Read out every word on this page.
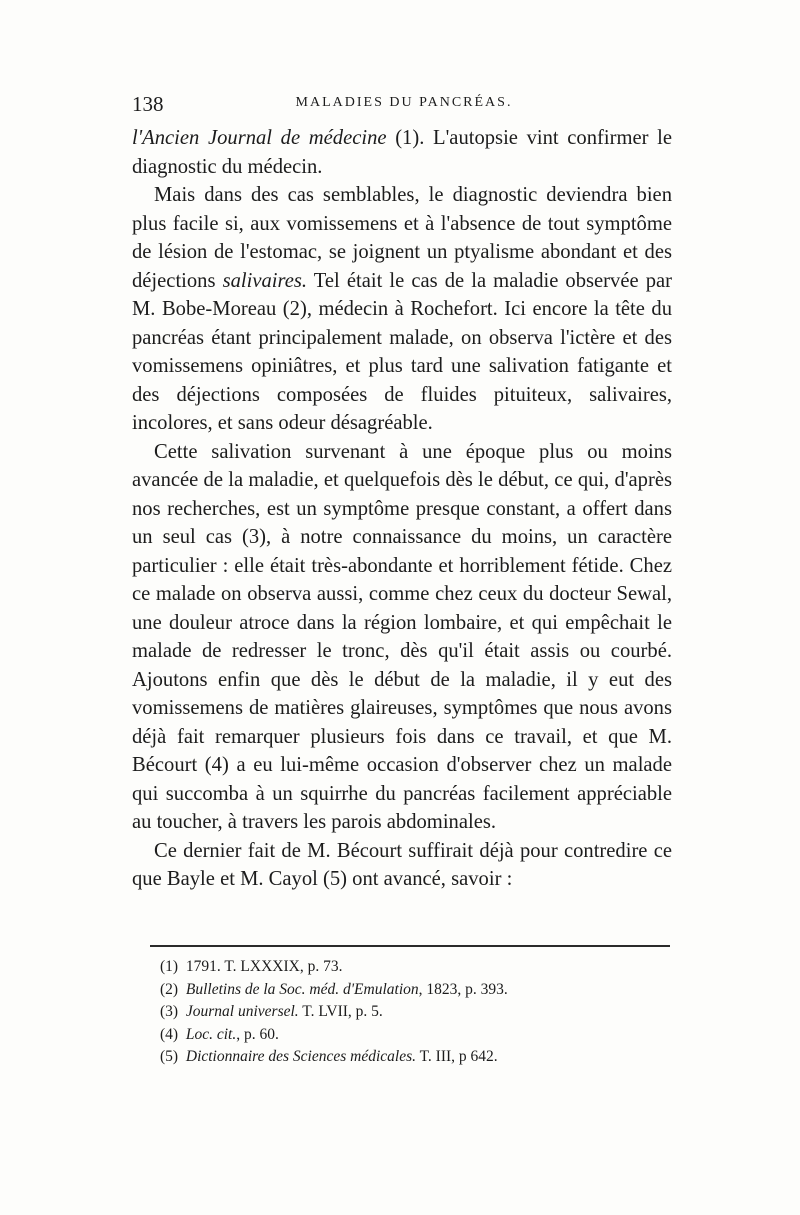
138	MALADIES DU PANCRÉAS.

l'Ancien Journal de médecine (1). L'autopsie vint confirmer le diagnostic du médecin.

Mais dans des cas semblables, le diagnostic deviendra bien plus facile si, aux vomissemens et à l'absence de tout symptôme de lésion de l'estomac, se joignent un ptyalisme abondant et des déjections salivaires. Tel était le cas de la maladie observée par M. Bobe-Moreau (2), médecin à Rochefort. Ici encore la tête du pancréas étant principalement malade, on observa l'ictère et des vomissemens opiniâtres, et plus tard une salivation fatigante et des déjections composées de fluides pituiteux, salivaires, incolores, et sans odeur désagréable.

Cette salivation survenant à une époque plus ou moins avancée de la maladie, et quelquefois dès le début, ce qui, d'après nos recherches, est un symptôme presque constant, a offert dans un seul cas (3), à notre connaissance du moins, un caractère particulier : elle était très-abondante et horriblement fétide. Chez ce malade on observa aussi, comme chez ceux du docteur Sewal, une douleur atroce dans la région lombaire, et qui empêchait le malade de redresser le tronc, dès qu'il était assis ou courbé. Ajoutons enfin que dès le début de la maladie, il y eut des vomissemens de matières glaireuses, symptômes que nous avons déjà fait remarquer plusieurs fois dans ce travail, et que M. Bécourt (4) a eu lui-même occasion d'observer chez un malade qui succomba à un squirrhe du pancréas facilement appréciable au toucher, à travers les parois abdominales.

Ce dernier fait de M. Bécourt suffirait déjà pour contredire ce que Bayle et M. Cayol (5) ont avancé, savoir :

(1) 1791. T. LXXXIX, p. 73.

(2) Bulletins de la Soc. méd. d'Emulation, 1823, p. 393.

(3) Journal universel. T. LVII, p. 5.

(4) Loc. cit., p. 60.

(5) Dictionnaire des Sciences médicales. T. III, p 642.
